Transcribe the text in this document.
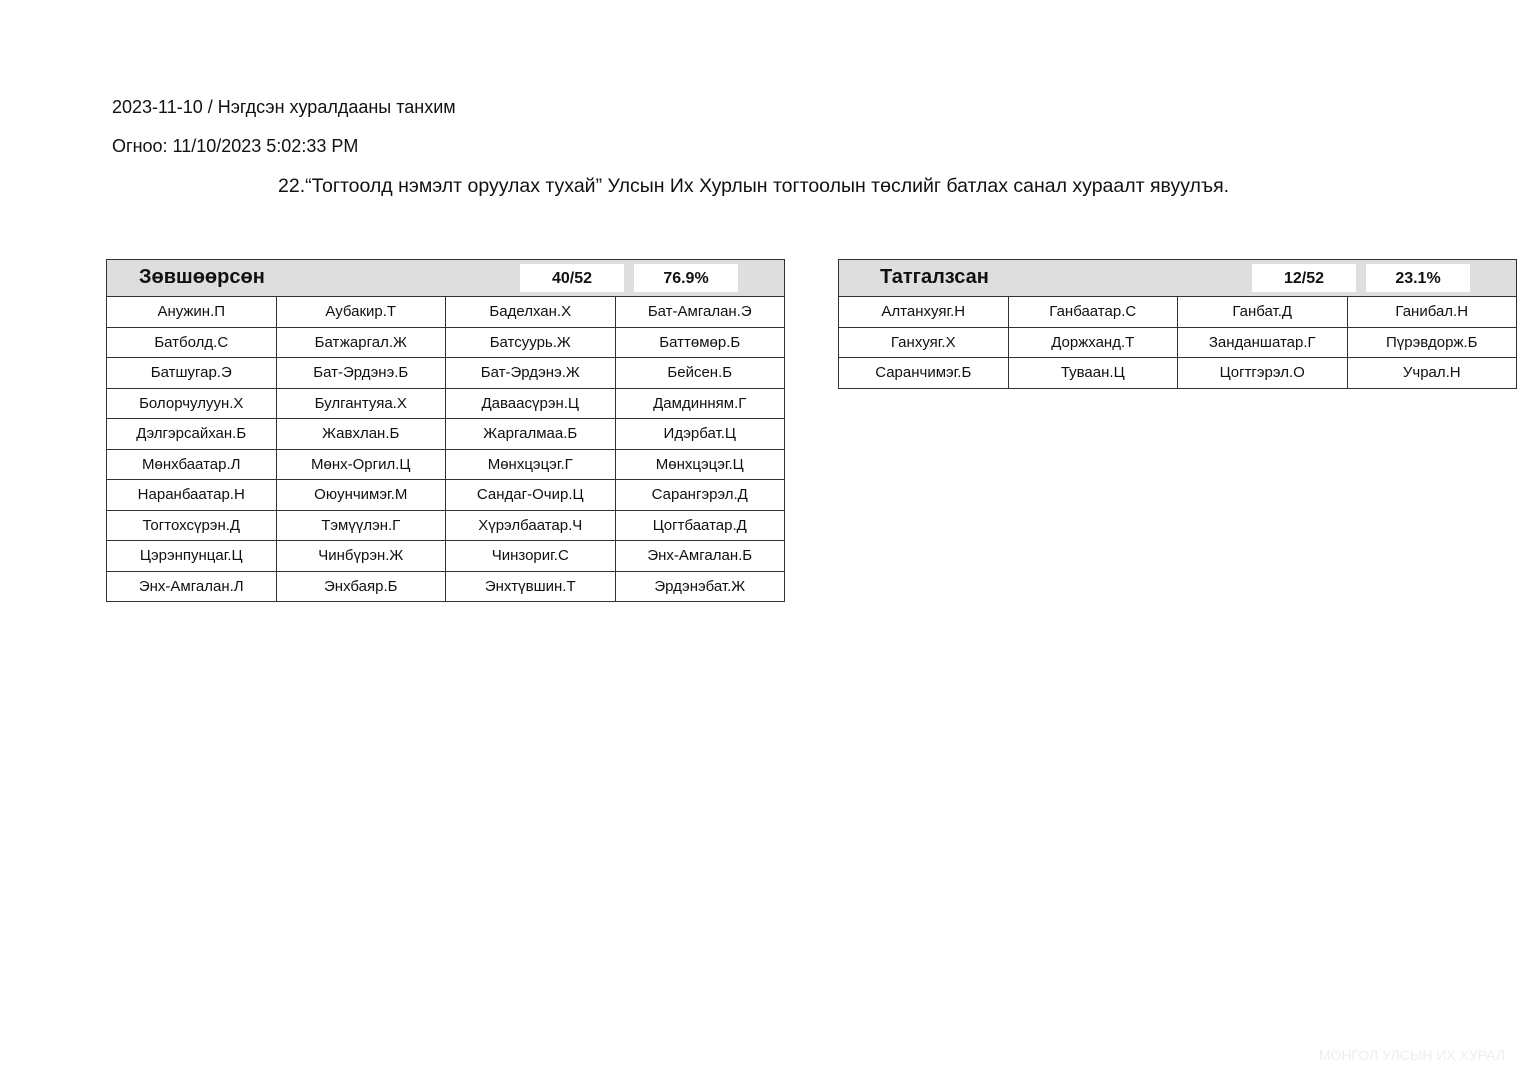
2023-11-10 / Нэгдсэн хуралдааны танхим
Огноо: 11/10/2023 5:02:33 PM
22.“Тогтоолд нэмэлт оруулах тухай” Улсын Их Хурлын тогтоолын төслийг батлах санал хураалт явуулъя.
Зөвшөөрсөн	40/52	76.9%
Анужин.П	Аубакир.Т	Баделхан.Х	Бат-Амгалан.Э
Батболд.С	Батжаргал.Ж	Батсуурь.Ж	Баттөмөр.Б
Батшугар.Э	Бат-Эрдэнэ.Б	Бат-Эрдэнэ.Ж	Бейсен.Б
Болорчулуун.Х	Булгантуяа.Х	Даваасүрэн.Ц	Дамдинням.Г
Дэлгэрсайхан.Б	Жавхлан.Б	Жаргалмаа.Б	Идэрбат.Ц
Мөнхбаатар.Л	Мөнх-Оргил.Ц	Мөнхцэцэг.Г	Мөнхцэцэг.Ц
Наранбаатар.Н	Оюунчимэг.М	Сандаг-Очир.Ц	Сарангэрэл.Д
Тогтохсүрэн.Д	Тэмүүлэн.Г	Хүрэлбаатар.Ч	Цогтбаатар.Д
Цэрэнпунцаг.Ц	Чинбүрэн.Ж	Чинзориг.С	Энх-Амгалан.Б
Энх-Амгалан.Л	Энхбаяр.Б	Энхтүвшин.Т	Эрдэнэбат.Ж
Татгалзсан	12/52	23.1%
Алтанхуяг.Н	Ганбаатар.С	Ганбат.Д	Ганибал.Н
Ганхуяг.Х	Доржханд.Т	Занданшатар.Г	Пүрэвдорж.Б
Саранчимэг.Б	Туваан.Ц	Цогтгэрэл.О	Учрал.Н
МОНГОЛ УЛСЫН ИХ ХУРАЛ
